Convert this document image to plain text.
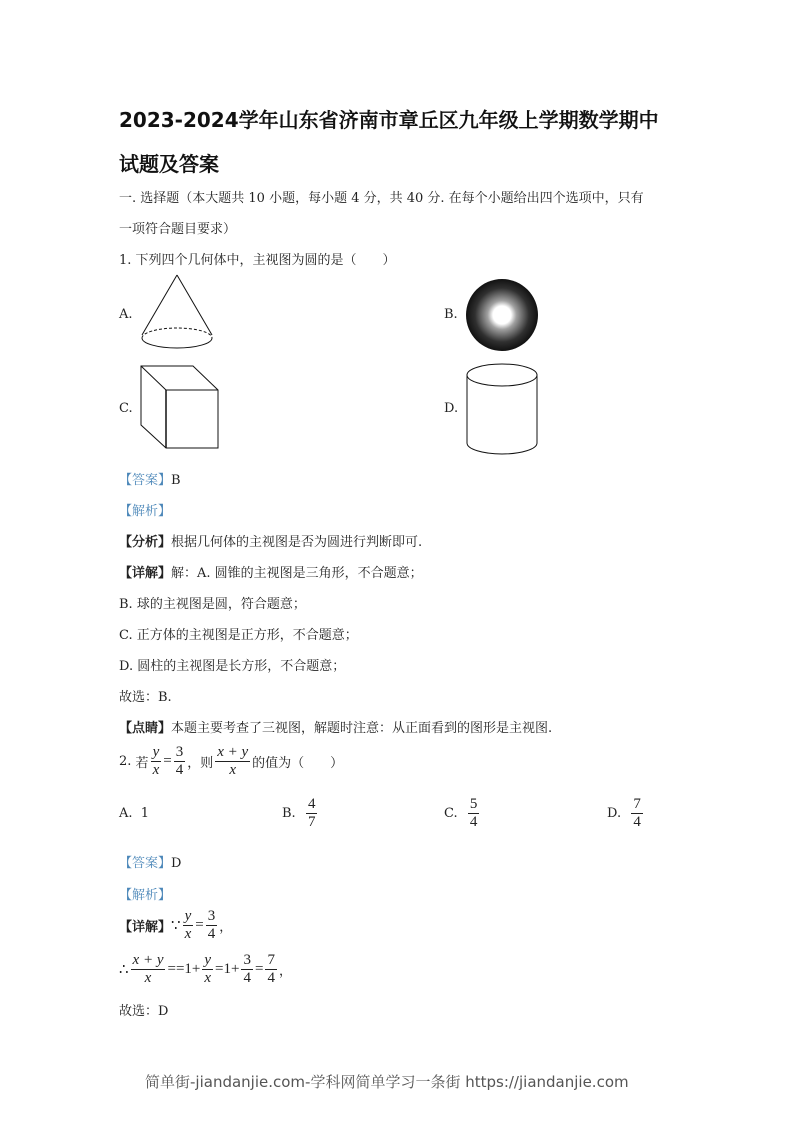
2023-2024学年山东省济南市章丘区九年级上学期数学期中
试题及答案
一. 选择题（本大题共 10 小题，每小题 4 分，共 40 分. 在每个小题给出四个选项中，只有
一项符合题目要求）
1. 下列四个几何体中，主视图为圆的是（　　）
A.	B.
C.	D.
【答案】B
【解析】
【分析】根据几何体的主视图是否为圆进行判断即可.
【详解】解：A. 圆锥的主视图是三角形，不合题意；
B. 球的主视图是圆，符合题意；
C. 正方体的主视图是正方形，不合题意；
D. 圆柱的主视图是长方形，不合题意；
故选：B.
【点睛】本题主要考查了三视图，解题时注意：从正面看到的图形是主视图.
2.
若 $\frac{y}{x} = \frac{3}{4}$ ，则 $\frac{x + y}{x}$ 的值为（　　）
A. 1	B.
$\frac{4}{7}$	C.
$\frac{5}{4}$	D.
$\frac{7}{4}$
【答案】D
【解析】
【详解】 ∵ $\frac{y}{x} = \frac{3}{4}$ ，
∴ $\frac{x + y}{x} ==1+ \frac{y}{x} =1+ \frac{3}{4} = \frac{7}{4}$ ，
故选：D
简单街-jiandanjie.com-学科网简单学习一条街 https://jiandanjie.com
